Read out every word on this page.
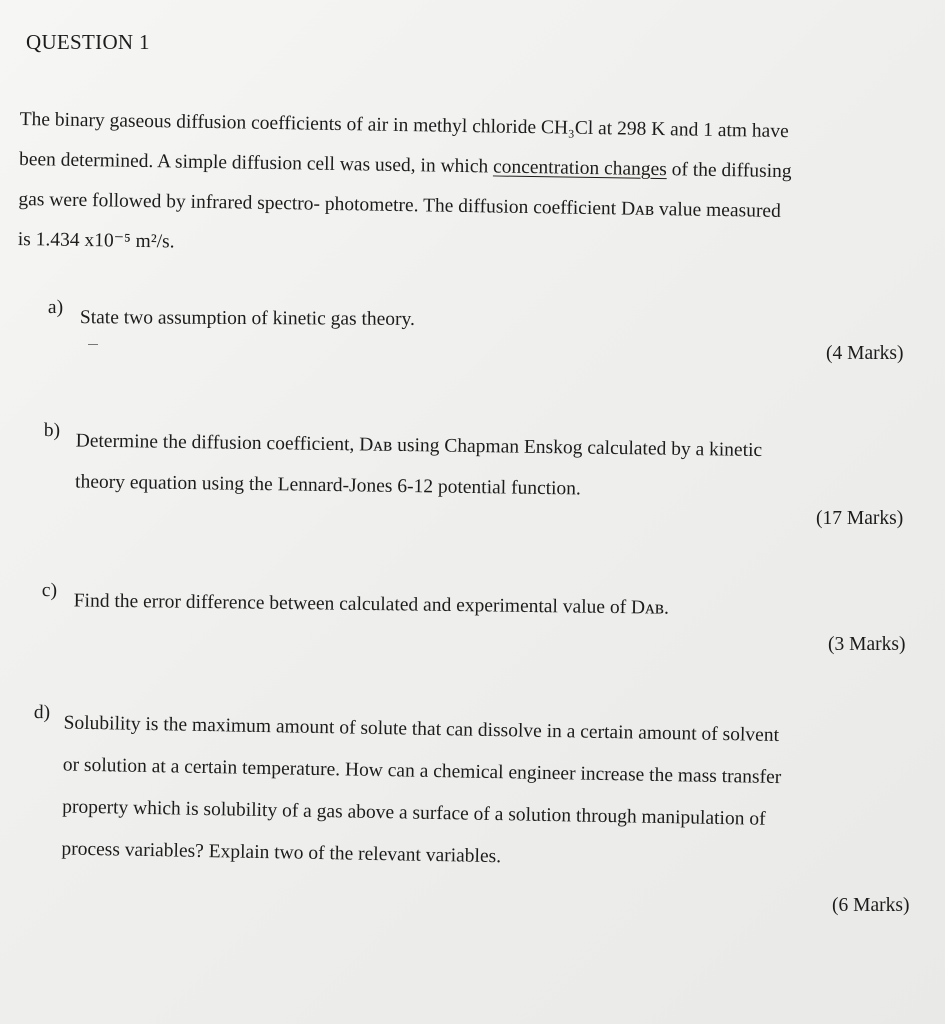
QUESTION 1
The binary gaseous diffusion coefficients of air in methyl chloride CH₃Cl at 298 K and 1 atm have
been determined. A simple diffusion cell was used, in which concentration changes of the diffusing
gas were followed by infrared spectro- photometre. The diffusion coefficient Dᴀʙ value measured
is 1.434 x10⁻⁵ m²/s.
a) State two assumption of kinetic gas theory.
(4 Marks)
b) Determine the diffusion coefficient, Dᴀʙ using Chapman Enskog calculated by a kinetic
theory equation using the Lennard-Jones 6-12 potential function.
(17 Marks)
c) Find the error difference between calculated and experimental value of Dᴀʙ.
(3 Marks)
d) Solubility is the maximum amount of solute that can dissolve in a certain amount of solvent
or solution at a certain temperature. How can a chemical engineer increase the mass transfer
property which is solubility of a gas above a surface of a solution through manipulation of
process variables? Explain two of the relevant variables.
(6 Marks)
